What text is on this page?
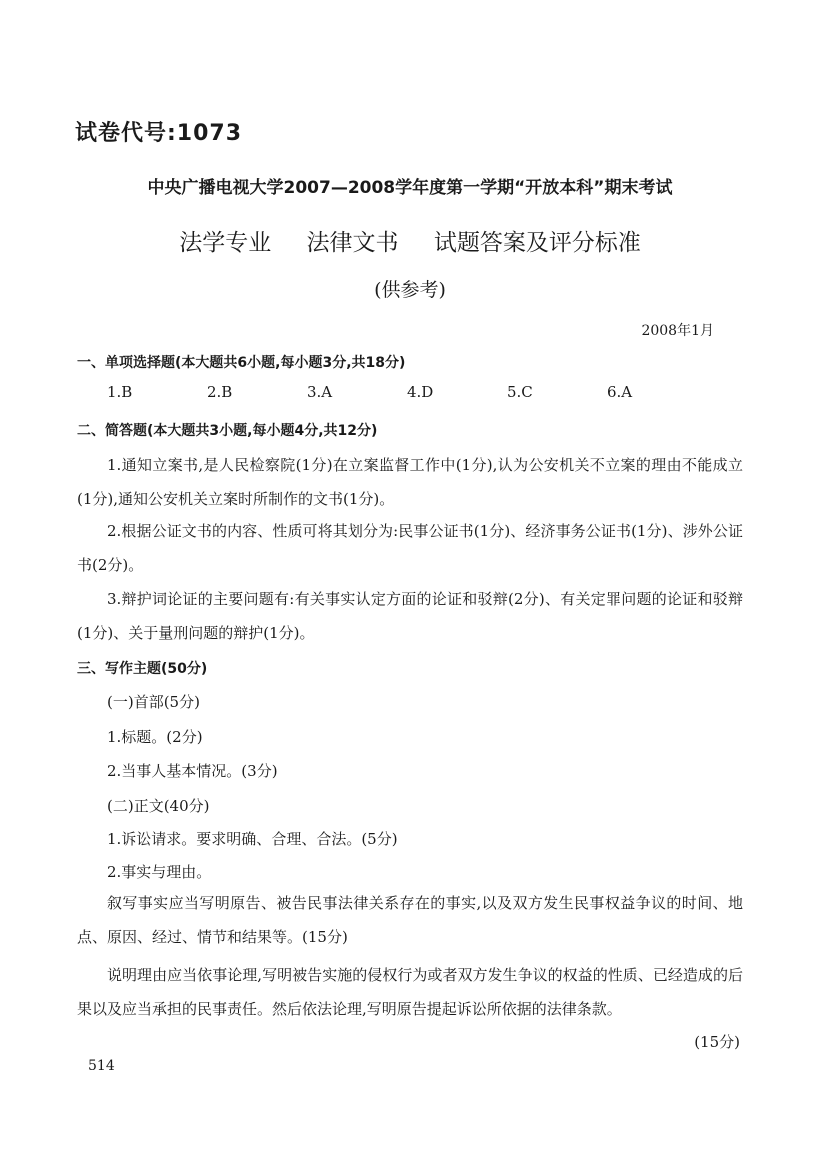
试卷代号:1073
中央广播电视大学2007—2008学年度第一学期“开放本科”期末考试
法学专业 法律文书 试题答案及评分标准
(供参考)
2008年1月
一、单项选择题(本大题共6小题,每小题3分,共18分)
1.B	2.B	3.A	4.D	5.C	6.A
二、简答题(本大题共3小题,每小题4分,共12分)
1.通知立案书,是人民检察院(1分)在立案监督工作中(1分),认为公安机关不立案的理由不能成立(1分),通知公安机关立案时所制作的文书(1分)。
2.根据公证文书的内容、性质可将其划分为:民事公证书(1分)、经济事务公证书(1分)、涉外公证书(2分)。
3.辩护词论证的主要问题有:有关事实认定方面的论证和驳辩(2分)、有关定罪问题的论证和驳辩(1分)、关于量刑问题的辩护(1分)。
三、写作主题(50分)
(一)首部(5分)
1.标题。(2分)
2.当事人基本情况。(3分)
(二)正文(40分)
1.诉讼请求。要求明确、合理、合法。(5分)
2.事实与理由。
叙写事实应当写明原告、被告民事法律关系存在的事实,以及双方发生民事权益争议的时间、地点、原因、经过、情节和结果等。(15分)
说明理由应当依事论理,写明被告实施的侵权行为或者双方发生争议的权益的性质、已经造成的后果以及应当承担的民事责任。然后依法论理,写明原告提起诉讼所依据的法律条款。
(15分)
514
